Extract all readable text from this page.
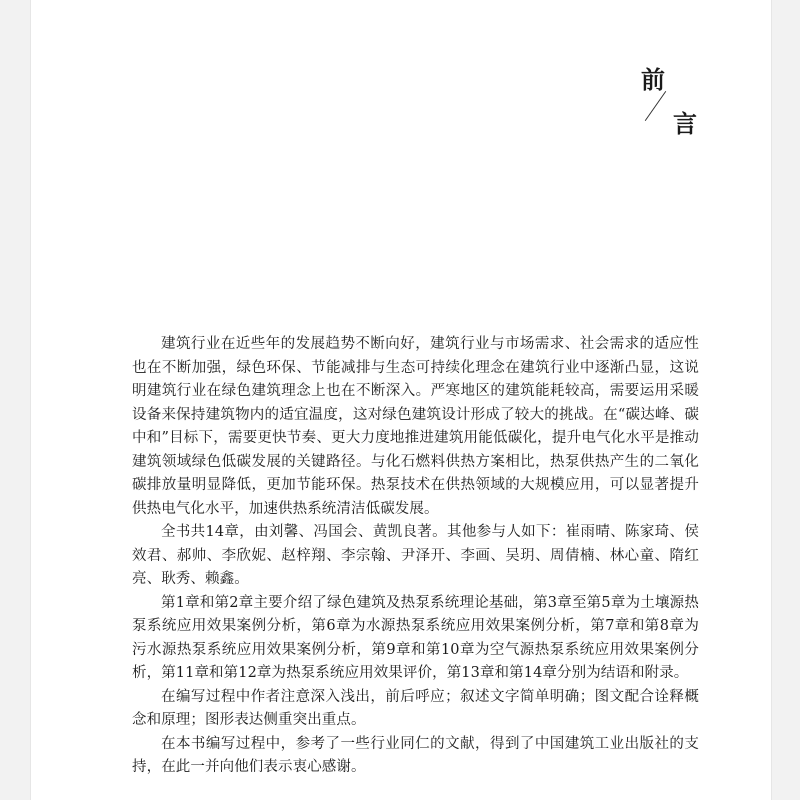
前
言

建筑行业在近些年的发展趋势不断向好，建筑行业与市场需求、社会需求的适应性也在不断加强，绿色环保、节能减排与生态可持续化理念在建筑行业中逐渐凸显，这说明建筑行业在绿色建筑理念上也在不断深入。严寒地区的建筑能耗较高，需要运用采暖设备来保持建筑物内的适宜温度，这对绿色建筑设计形成了较大的挑战。在“碳达峰、碳中和”目标下，需要更快节奏、更大力度地推进建筑用能低碳化，提升电气化水平是推动建筑领域绿色低碳发展的关键路径。与化石燃料供热方案相比，热泵供热产生的二氧化碳排放量明显降低，更加节能环保。热泵技术在供热领域的大规模应用，可以显著提升供热电气化水平，加速供热系统清洁低碳发展。

全书共14章，由刘馨、冯国会、黄凯良著。其他参与人如下：崔雨晴、陈家琦、侯效君、郝帅、李欣妮、赵梓翔、李宗翰、尹泽开、李画、吴玥、周倩楠、林心童、隋红亮、耿秀、赖鑫。

第1章和第2章主要介绍了绿色建筑及热泵系统理论基础，第3章至第5章为土壤源热泵系统应用效果案例分析，第6章为水源热泵系统应用效果案例分析，第7章和第8章为污水源热泵系统应用效果案例分析，第9章和第10章为空气源热泵系统应用效果案例分析，第11章和第12章为热泵系统应用效果评价，第13章和第14章分别为结语和附录。

在编写过程中作者注意深入浅出，前后呼应；叙述文字简单明确；图文配合诠释概念和原理；图形表达侧重突出重点。

在本书编写过程中，参考了一些行业同仁的文献，得到了中国建筑工业出版社的支持，在此一并向他们表示衷心感谢。
